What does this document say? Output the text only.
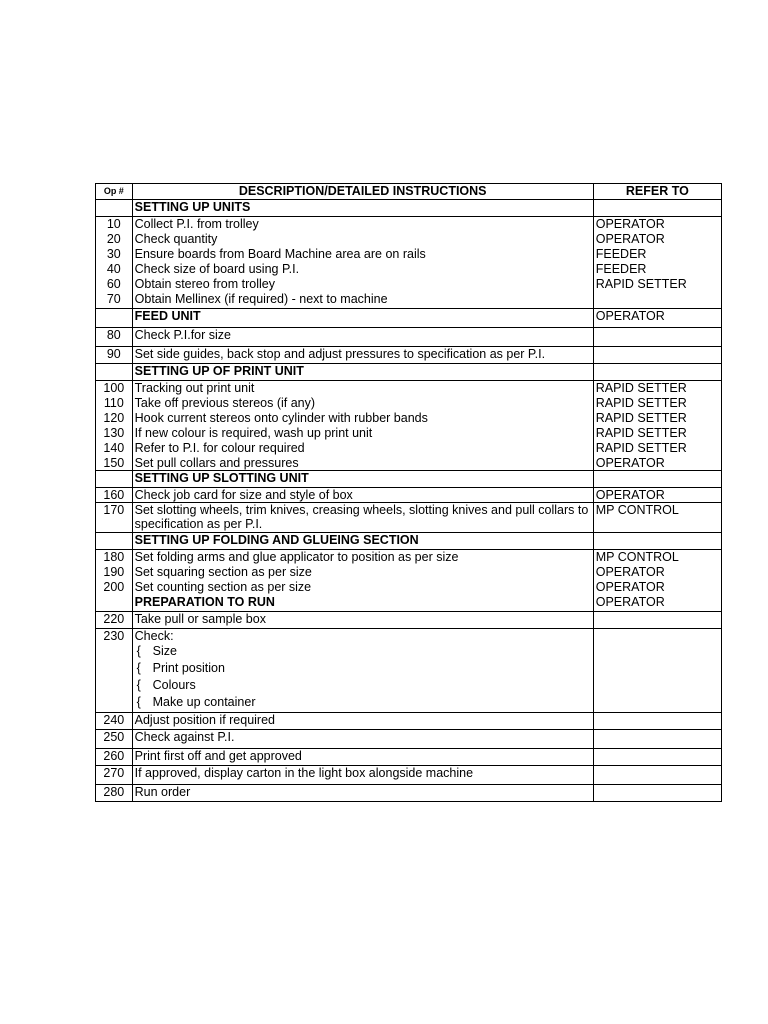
Op #	DESCRIPTION/DETAILED INSTRUCTIONS	REFER TO
	SETTING UP UNITS	
10	Collect P.I. from trolley	OPERATOR
20	Check quantity	OPERATOR
30	Ensure boards from Board Machine area are on rails	FEEDER
40	Check size of board using P.I.	FEEDER
60	Obtain stereo from trolley	RAPID SETTER
70	Obtain Mellinex (if required) - next to machine	
	FEED UNIT	OPERATOR
80	Check P.I.for size	
90	Set side guides, back stop and adjust pressures to specification as per P.I.	
	SETTING UP OF PRINT UNIT	
100	Tracking out print unit	RAPID SETTER
110	Take off previous stereos (if any)	RAPID SETTER
120	Hook current stereos onto cylinder with rubber bands	RAPID SETTER
130	If new colour is required, wash up print unit	RAPID SETTER
140	Refer to P.I. for colour required	RAPID SETTER
150	Set pull collars and pressures	OPERATOR
	SETTING UP SLOTTING UNIT	
160	Check job card for size and style of box	OPERATOR
170	Set slotting wheels, trim knives, creasing wheels, slotting knives and pull collars to specification as per P.I.	MP CONTROL
	SETTING UP FOLDING AND GLUEING SECTION	
180	Set folding arms and glue applicator to position as per size	MP CONTROL
190	Set squaring section as per size	OPERATOR
200	Set counting section as per size	OPERATOR
	PREPARATION TO RUN	OPERATOR
220	Take pull or sample box	
230	Check:
{ Size
{ Print position
{ Colours
{ Make up container	

240	Adjust position if required	
250	Check against P.I.	
260	Print first off and get approved	
270	If approved, display carton in the light box alongside machine	
280	Run order	
